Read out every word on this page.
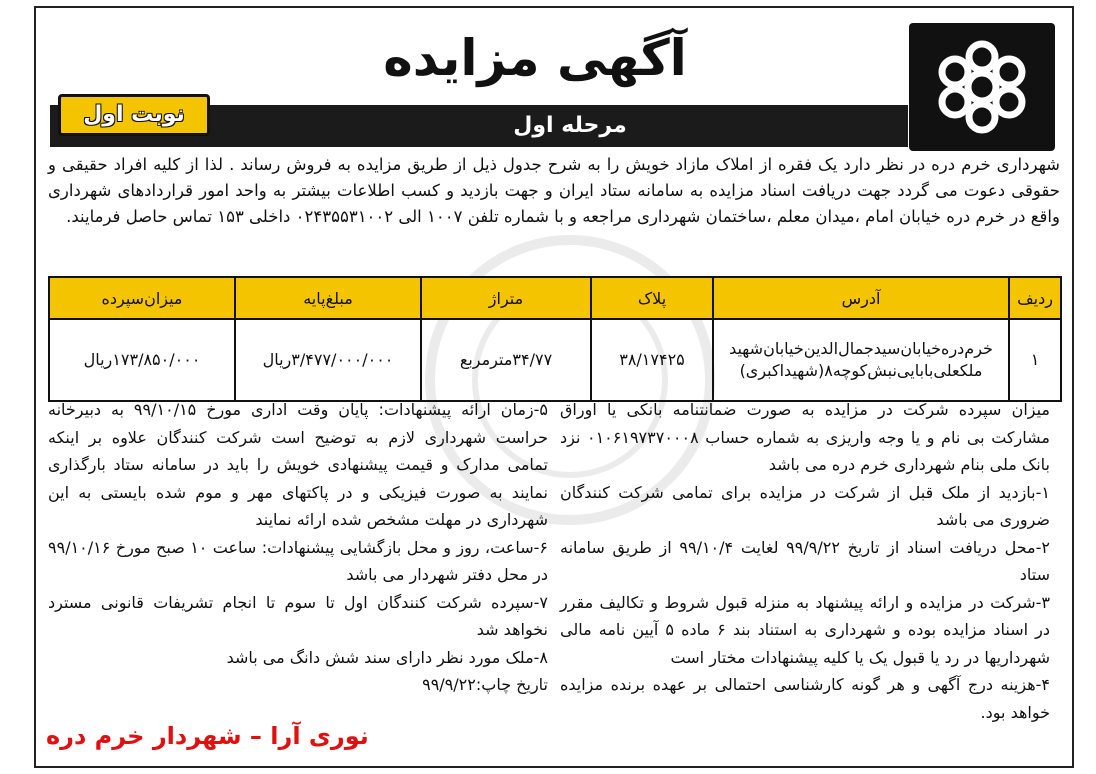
آگهی مزایده
مرحله اول
نوبت اول
شهرداری خرم دره در نظر دارد یک فقره از املاک مازاد خویش را به شرح جدول ذیل از طریق مزایده به فروش رساند . لذا از کلیه افراد حقیقی و حقوقی دعوت می گردد جهت دریافت اسناد مزایده به سامانه ستاد ایران و جهت بازدید و کسب اطلاعات بیشتر به واحد امور قراردادهای شهرداری واقع در خرم دره خیابان امام ،میدان معلم ،ساختمان شهرداری مراجعه و با شماره تلفن ۱۰۰۷ الی ۰۲۴۳۵۵۳۱۰۰۲ داخلی ۱۵۳ تماس حاصل فرمایند.
ردیف	آدرس	پلاک	متراژ	مبلغ‌پایه	میزان‌سپرده
۱	خرم‌دره‌خیابان‌سیدجمال‌الدین‌خیابان‌شهید ملکعلی‌بابایی‌نبش‌کوچه۸(شهیداکبری)	۳۸/۱۷۴۲۵	۳۴/۷۷مترمربع	۳/۴۷۷/۰۰۰/۰۰۰ریال	۱۷۳/۸۵۰/۰۰۰ریال

میزان سپرده شرکت در مزایده به صورت ضمانتنامه بانکی یا اوراق مشارکت بی نام و یا وجه واریزی به شماره حساب ۰۱۰۶۱۹۷۳۷۰۰۰۸ نزد بانک ملی بنام شهرداری خرم دره می باشد

۱-بازدید از ملک قبل از شرکت در مزایده برای تمامی شرکت کنندگان ضروری می باشد

۲-محل دریافت اسناد از تاریخ ۹۹/۹/۲۲ لغایت ۹۹/۱۰/۴ از طریق سامانه ستاد

۳-شرکت در مزایده و ارائه پیشنهاد به منزله قبول شروط و تکالیف مقرر در اسناد مزایده بوده و شهرداری به استناد بند ۶ ماده ۵ آیین نامه مالی شهرداریها در رد یا قبول یک یا کلیه پیشنهادات مختار است

۴-هزینه درج آگهی و هر گونه کارشناسی احتمالی بر عهده برنده مزایده خواهد بود.

۵-زمان ارائه پیشنهادات: پایان وقت اداری مورخ ۹۹/۱۰/۱۵ به دبیرخانه حراست شهرداری لازم به توضیح است شرکت کنندگان علاوه بر اینکه تمامی مدارک و قیمت پیشنهادی خویش را باید در سامانه ستاد بارگذاری نمایند به صورت فیزیکی و در پاکتهای مهر و موم شده بایستی به این شهرداری در مهلت مشخص شده ارائه نمایند

۶-ساعت، روز و محل بازگشایی پیشنهادات: ساعت ۱۰ صبح مورخ ۹۹/۱۰/۱۶ در محل دفتر شهردار می باشد

۷-سپرده شرکت کنندگان اول تا سوم تا انجام تشریفات قانونی مسترد نخواهد شد

۸-ملک مورد نظر دارای سند شش دانگ می باشد

تاریخ چاپ:۹۹/۹/۲۲

نوری آرا – شهردار خرم دره
